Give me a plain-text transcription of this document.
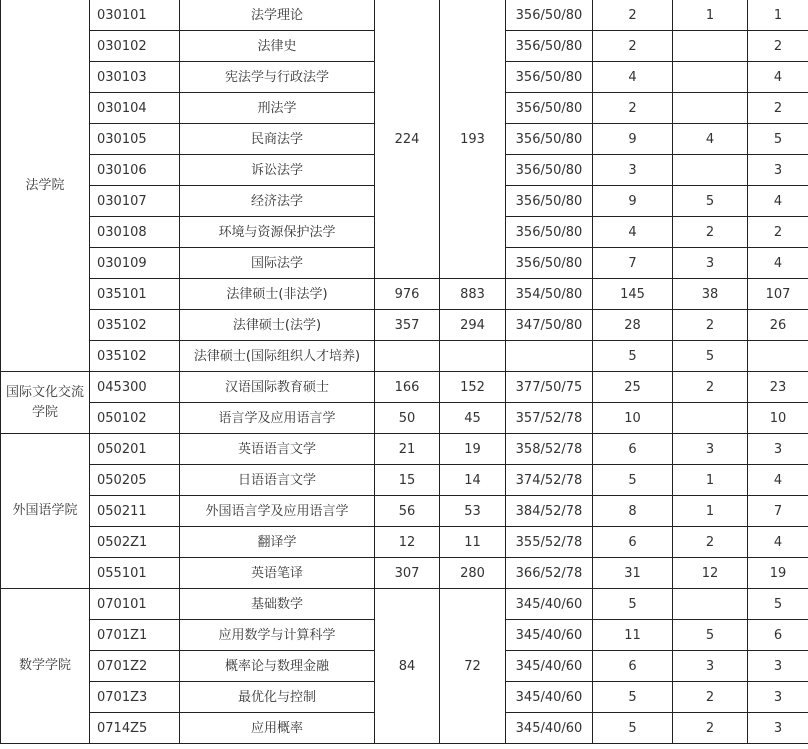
法学院	030101	法学理论	224	193	356/50/80	2	1	1
	030102	法律史			356/50/80	2		2
	030103	宪法学与行政法学			356/50/80	4		4
	030104	刑法学			356/50/80	2		2
	030105	民商法学			356/50/80	9	4	5
	030106	诉讼法学			356/50/80	3		3
	030107	经济法学			356/50/80	9	5	4
	030108	环境与资源保护法学			356/50/80	4	2	2
	030109	国际法学			356/50/80	7	3	4
	035101	法律硕士(非法学)	976	883	354/50/80	145	38	107
	035102	法律硕士(法学)	357	294	347/50/80	28	2	26
	035102	法律硕士(国际组织人才培养)				5	5	
国际文化交流学院	045300	汉语国际教育硕士	166	152	377/50/75	25	2	23
	050102	语言学及应用语言学	50	45	357/52/78	10		10
外国语学院	050201	英语语言文学	21	19	358/52/78	6	3	3
	050205	日语语言文学	15	14	374/52/78	5	1	4
	050211	外国语言学及应用语言学	56	53	384/52/78	8	1	7
	0502Z1	翻译学	12	11	355/52/78	6	2	4
	055101	英语笔译	307	280	366/52/78	31	12	19
数学学院	070101	基础数学	84	72	345/40/60	5		5
	0701Z1	应用数学与计算科学			345/40/60	11	5	6
	0701Z2	概率论与数理金融			345/40/60	6	3	3
	0701Z3	最优化与控制			345/40/60	5	2	3
	0714Z5	应用概率			345/40/60	5	2	3
